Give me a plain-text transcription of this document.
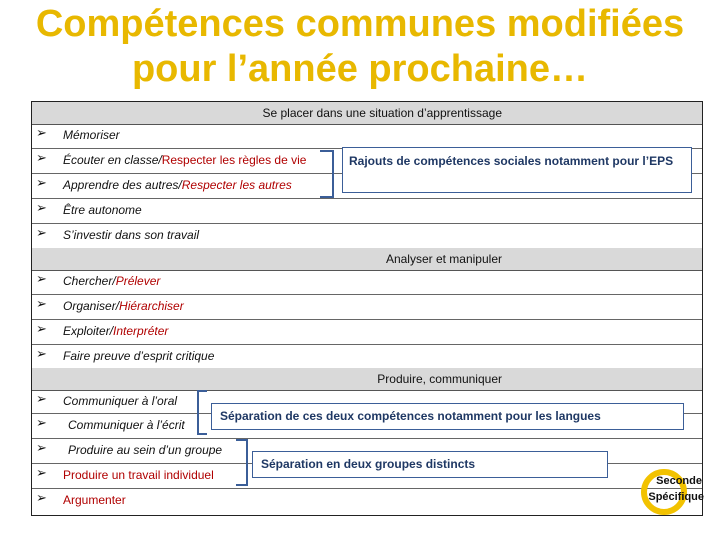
Compétences communes modifiées
pour l’année prochaine…
Se placer dans une situation d’apprentissage
➢ Mémoriser
➢ Écouter en classe/Respecter les règles de vie
➢ Apprendre des autres/Respecter les autres
➢ Être autonome
➢ S’investir dans son travail
Analyser et manipuler
➢ Chercher/Prélever
➢ Organiser/Hiérarchiser
➢ Exploiter/Interpréter
➢ Faire preuve d’esprit critique
Produire, communiquer
➢ Communiquer à l’oral
➢ Communiquer à l’écrit
➢ Produire au sein d’un groupe
➢ Produire un travail individuel
➢ Argumenter
Rajouts de compétences sociales notamment pour l’EPS
Séparation de ces deux compétences notamment pour les langues
Séparation en deux groupes distincts
Seconde
Spécifique
